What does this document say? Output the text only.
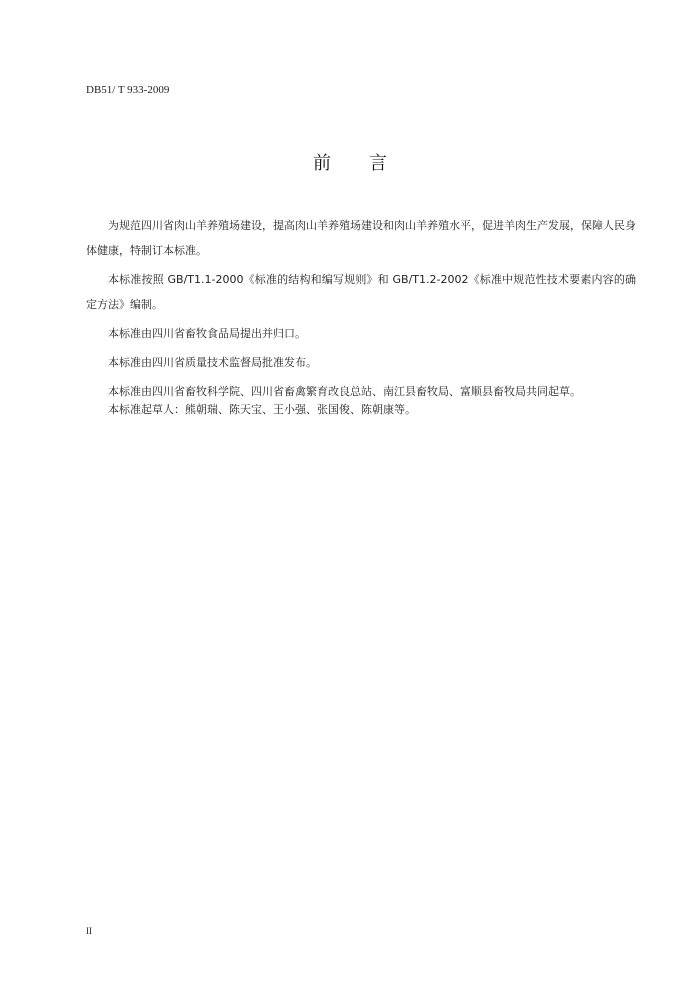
DB51/ T 933-2009
前 言

为规范四川省肉山羊养殖场建设，提高肉山羊养殖场建设和肉山羊养殖水平，促进羊肉生产发展，保障人民身体健康，特制订本标准。

本标准按照 GB/T1.1-2000《标准的结构和编写规则》和 GB/T1.2-2002《标准中规范性技术要素内容的确定方法》编制。

本标准由四川省畜牧食品局提出并归口。

本标准由四川省质量技术监督局批准发布。

本标准由四川省畜牧科学院、四川省畜禽繁育改良总站、南江县畜牧局、富顺县畜牧局共同起草。

本标准起草人：熊朝瑞、陈天宝、王小强、张国俊、陈朝康等。

II
